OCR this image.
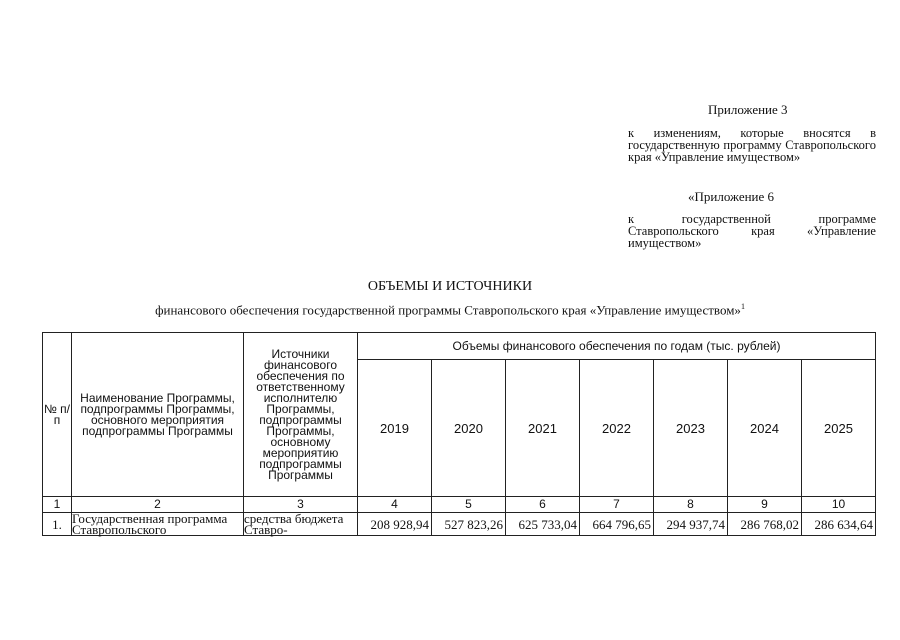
Приложение 3
к изменениям, которые вносятся в государственную программу Ставропольского края «Управление имуществом»
«Приложение 6
к государственной программе Ставропольского края «Управление имуществом»
ОБЪЕМЫ И ИСТОЧНИКИ
финансового обеспечения государственной программы Ставропольского края «Управление имуществом»$^1$
№ п/п	Наименование Программы, подпрограммы Программы, основного мероприятия подпрограммы Программы	Источники финансового обеспечения по ответственному исполнителю Программы, подпрограммы Программы, основному мероприятию подпрограммы Программы	Объемы финансового обеспечения по годам (тыс. рублей)						
			2019	2020	2021	2022	2023	2024	2025
1	2	3	4	5	6	7	8	9	10
1.	Государственная программа Ставропольского	средства бюджета Ставро-	208 928,94	527 823,26	625 733,04	664 796,65	294 937,74	286 768,02	286 634,64
